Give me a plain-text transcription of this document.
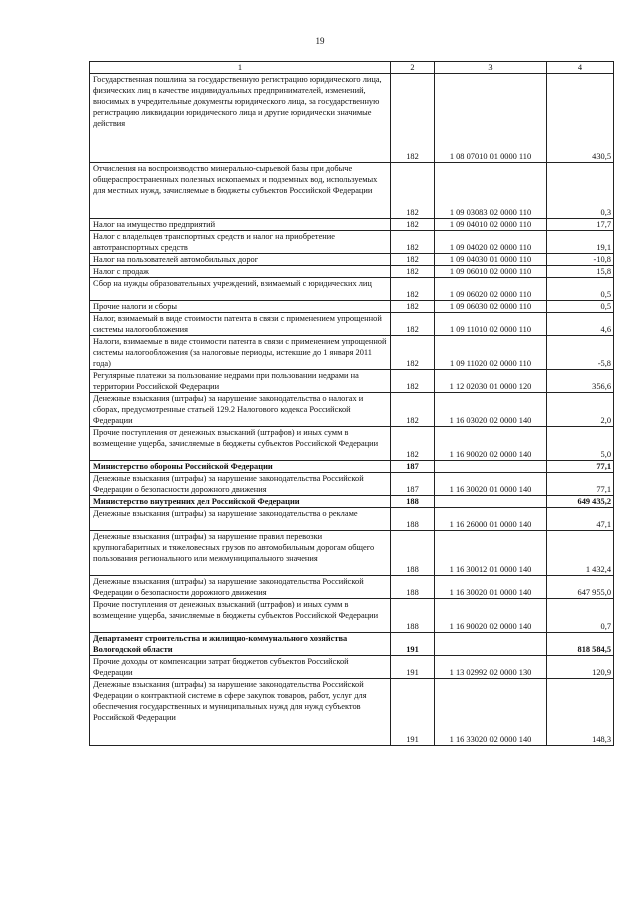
19
1	2	3	4
Государственная пошлина за государственную регистрацию юридического лица, физических лиц в качестве индивидуальных предпринимателей, изменений, вносимых в учредительные документы юридического лица, за государственную регистрацию ликвидации юридического лица и другие юридически значимые действия	182	1 08 07010 01 0000 110	430,5
Отчисления на воспроизводство минерально-сырьевой базы при добыче общераспространенных полезных ископаемых и подземных вод, используемых для местных нужд, зачисляемые в бюджеты субъектов Российской Федерации	182	1 09 03083 02 0000 110	0,3
Налог на имущество предприятий	182	1 09 04010 02 0000 110	17,7
Налог с владельцев транспортных средств и налог на приобретение автотранспортных средств	182	1 09 04020 02 0000 110	19,1
Налог на пользователей автомобильных дорог	182	1 09 04030 01 0000 110	-10,8
Налог с продаж	182	1 09 06010 02 0000 110	15,8
Сбор на нужды образовательных учреждений, взимаемый с юридических лиц	182	1 09 06020 02 0000 110	0,5
Прочие налоги и сборы	182	1 09 06030 02 0000 110	0,5
Налог, взимаемый в виде стоимости патента в связи с применением упрощенной системы налогообложения	182	1 09 11010 02 0000 110	4,6
Налоги, взимаемые в виде стоимости патента в связи с применением упрощенной системы налогообложения (за налоговые периоды, истекшие до 1 января 2011 года)	182	1 09 11020 02 0000 110	-5,8
Регулярные платежи за пользование недрами при пользовании недрами на территории Российской Федерации	182	1 12 02030 01 0000 120	356,6
Денежные взыскания (штрафы) за нарушение законодательства о налогах и сборах, предусмотренные статьей 129.2 Налогового кодекса Российской Федерации	182	1 16 03020 02 0000 140	2,0
Прочие поступления от денежных взысканий (штрафов) и иных сумм в возмещение ущерба, зачисляемые в бюджеты субъектов Российской Федерации	182	1 16 90020 02 0000 140	5,0
Министерство обороны Российской Федерации	187		77,1
Денежные взыскания (штрафы) за нарушение законодательства Российской Федерации о безопасности дорожного движения	187	1 16 30020 01 0000 140	77,1
Министерство внутренних дел Российской Федерации	188		649 435,2
Денежные взыскания (штрафы) за нарушение законодательства о рекламе	188	1 16 26000 01 0000 140	47,1
Денежные взыскания (штрафы) за нарушение правил перевозки крупногабаритных и тяжеловесных грузов по автомобильным дорогам общего пользования регионального или межмуниципального значения	188	1 16 30012 01 0000 140	1 432,4
Денежные взыскания (штрафы) за нарушение законодательства Российской Федерации о безопасности дорожного движения	188	1 16 30020 01 0000 140	647 955,0
Прочие поступления от денежных взысканий (штрафов) и иных сумм в возмещение ущерба, зачисляемые в бюджеты субъектов Российской Федерации	188	1 16 90020 02 0000 140	0,7
Департамент строительства и жилищно-коммунального хозяйства Вологодской области	191		818 584,5
Прочие доходы от компенсации затрат бюджетов субъектов Российской Федерации	191	1 13 02992 02 0000 130	120,9
Денежные взыскания (штрафы) за нарушение законодательства Российской Федерации о контрактной системе в сфере закупок товаров, работ, услуг для обеспечения государственных и муниципальных нужд для нужд субъектов Российской Федерации	191	1 16 33020 02 0000 140	148,3
